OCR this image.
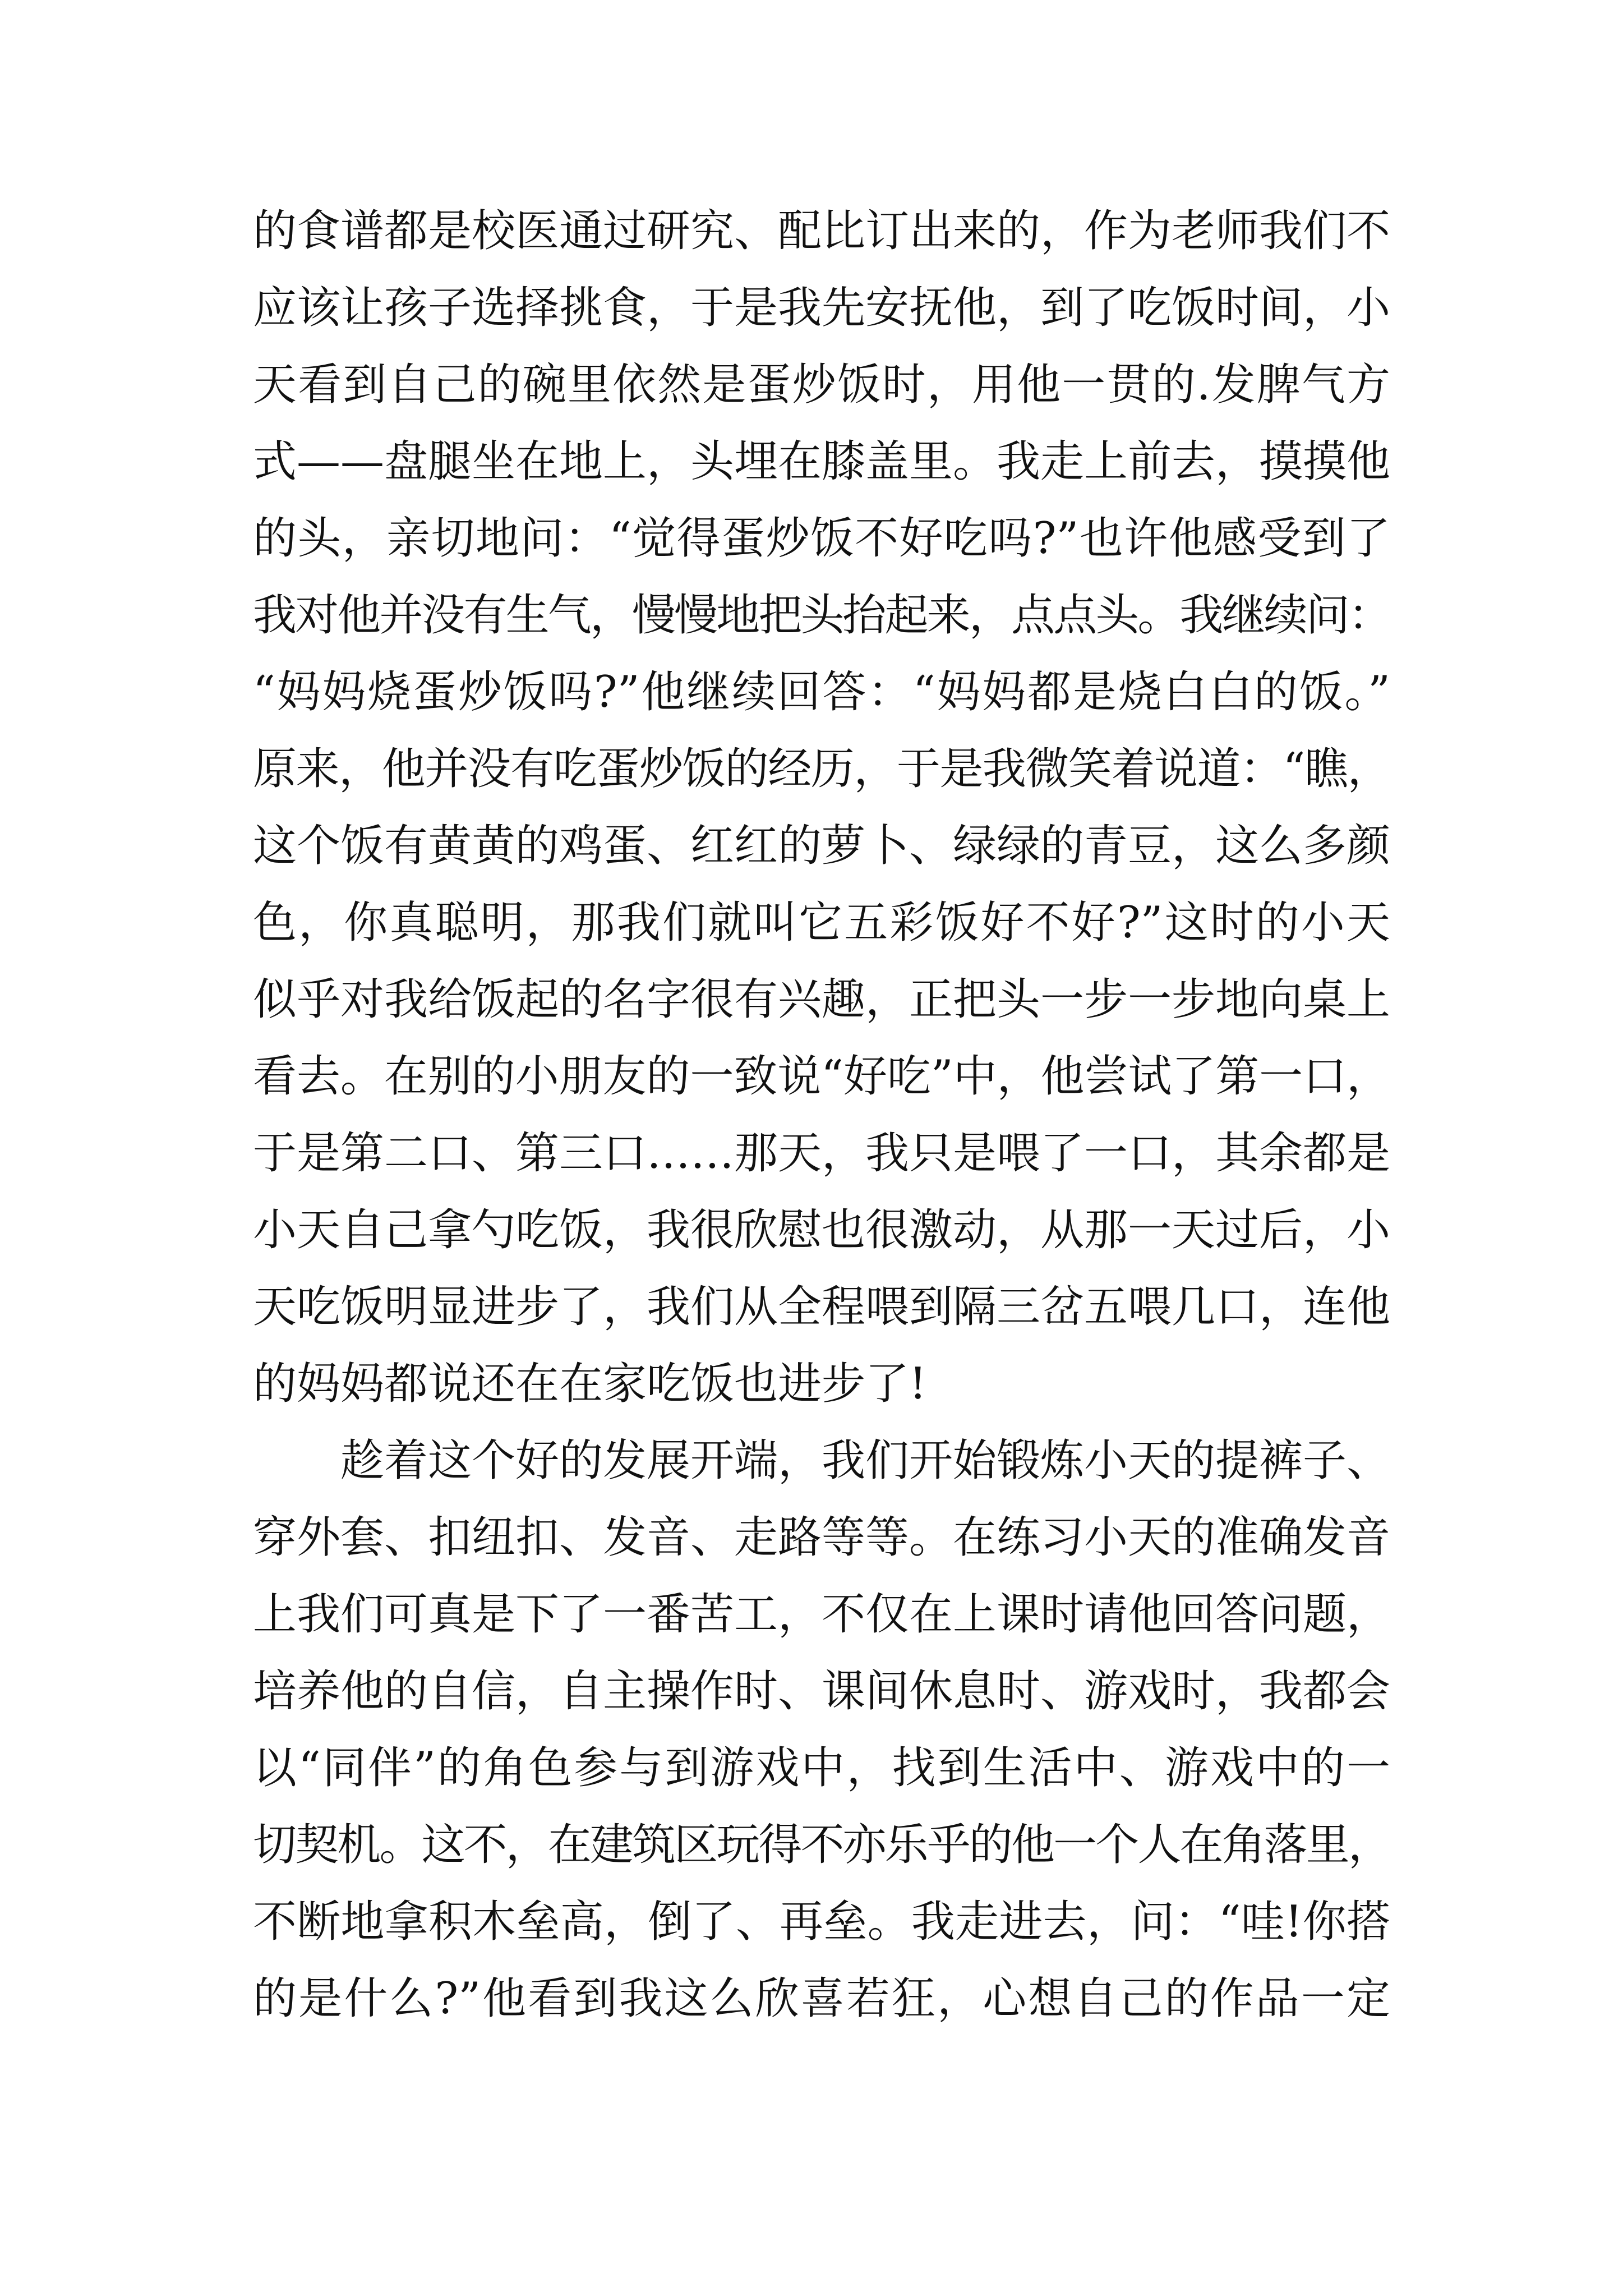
的食谱都是校医通过研究、配比订出来的，作为老师我们不
应该让孩子选择挑食，于是我先安抚他，到了吃饭时间，小
天看到自己的碗里依然是蛋炒饭时，用他一贯的.发脾气方
式——盘腿坐在地上，头埋在膝盖里。我走上前去，摸摸他
的头，亲切地问：“觉得蛋炒饭不好吃吗?”也许他感受到了
我对他并没有生气，慢慢地把头抬起来，点点头。我继续问：
“妈妈烧蛋炒饭吗?”他继续回答：“妈妈都是烧白白的饭。”
原来，他并没有吃蛋炒饭的经历，于是我微笑着说道：“瞧，
这个饭有黄黄的鸡蛋、红红的萝卜、绿绿的青豆，这么多颜
色，你真聪明，那我们就叫它五彩饭好不好?”这时的小天
似乎对我给饭起的名字很有兴趣，正把头一步一步地向桌上
看去。在别的小朋友的一致说“好吃”中，他尝试了第一口，
于是第二口、第三口……那天，我只是喂了一口，其余都是
小天自己拿勺吃饭，我很欣慰也很激动，从那一天过后，小
天吃饭明显进步了，我们从全程喂到隔三岔五喂几口，连他
的妈妈都说还在在家吃饭也进步了!
趁着这个好的发展开端，我们开始锻炼小天的提裤子、
穿外套、扣纽扣、发音、走路等等。在练习小天的准确发音
上我们可真是下了一番苦工，不仅在上课时请他回答问题，
培养他的自信，自主操作时、课间休息时、游戏时，我都会
以“同伴”的角色参与到游戏中，找到生活中、游戏中的一
切契机。这不，在建筑区玩得不亦乐乎的他一个人在角落里，
不断地拿积木垒高，倒了、再垒。我走进去，问：“哇!你搭
的是什么?”他看到我这么欣喜若狂，心想自己的作品一定
